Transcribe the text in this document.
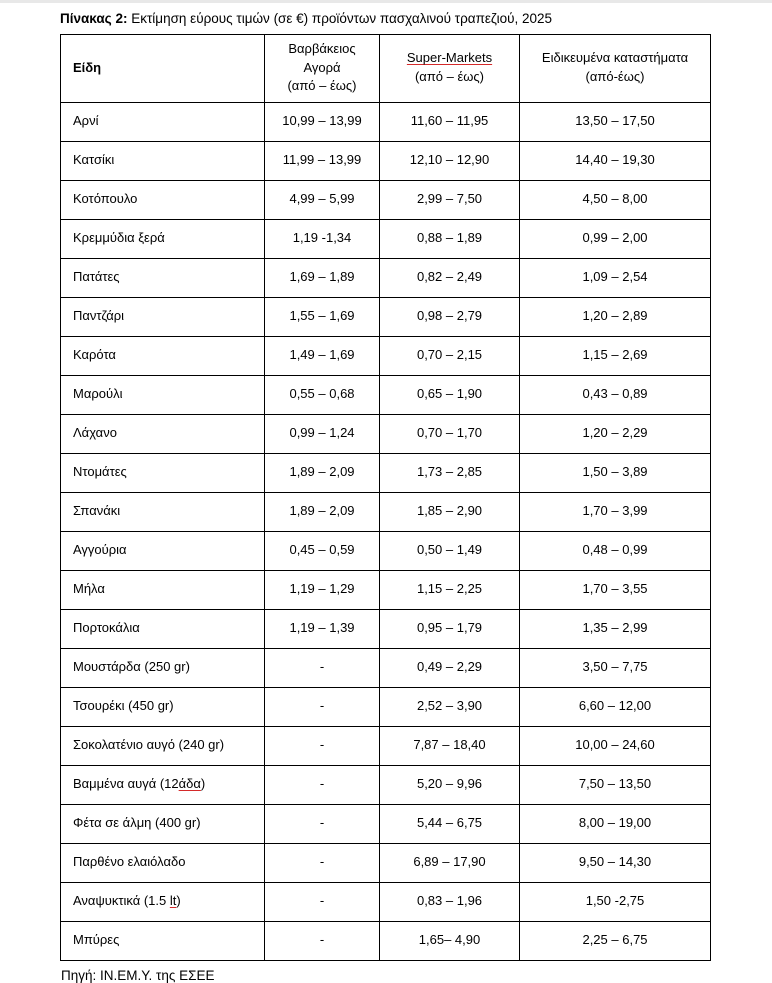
Πίνακας 2: Εκτίμηση εύρους τιμών (σε €) προϊόντων πασχαλινού τραπεζιού, 2025

Είδη	Βαρβάκειος
Αγορά
(από – έως)	Super-Markets
(από – έως)	Ειδικευμένα καταστήματα
(από-έως)

Αρνί	10,99 – 13,99	11,60 – 11,95	13,50 – 17,50
Κατσίκι	11,99 – 13,99	12,10 – 12,90	14,40 – 19,30
Κοτόπουλο	4,99 – 5,99	2,99 – 7,50	4,50 – 8,00
Κρεμμύδια ξερά	1,19 -1,34	0,88 – 1,89	0,99 – 2,00
Πατάτες	1,69 – 1,89	0,82 – 2,49	1,09 – 2,54
Παντζάρι	1,55 – 1,69	0,98 – 2,79	1,20 – 2,89
Καρότα	1,49 – 1,69	0,70 – 2,15	1,15 – 2,69
Μαρούλι	0,55 – 0,68	0,65 – 1,90	0,43 – 0,89
Λάχανο	0,99 – 1,24	0,70 – 1,70	1,20 – 2,29
Ντομάτες	1,89 – 2,09	1,73 – 2,85	1,50 – 3,89
Σπανάκι	1,89 – 2,09	1,85 – 2,90	1,70 – 3,99
Αγγούρια	0,45 – 0,59	0,50 – 1,49	0,48 – 0,99
Μήλα	1,19 – 1,29	1,15 – 2,25	1,70 – 3,55
Πορτοκάλια	1,19 – 1,39	0,95 – 1,79	1,35 – 2,99
Μουστάρδα (250 gr)	-	0,49 – 2,29	3,50 – 7,75
Τσουρέκι (450 gr)	-	2,52 – 3,90	6,60 – 12,00
Σοκολατένιο αυγό (240 gr)	-	7,87 – 18,40	10,00 – 24,60
Βαμμένα αυγά (12άδα)	-	5,20 – 9,96	7,50 – 13,50
Φέτα σε άλμη (400 gr)	-	5,44 – 6,75	8,00 – 19,00
Παρθένο ελαιόλαδο	-	6,89 – 17,90	9,50 – 14,30
Αναψυκτικά (1.5 lt)	-	0,83 – 1,96	1,50 -2,75
Μπύρες	-	1,65– 4,90	2,25 – 6,75

Πηγή: ΙΝ.ΕΜ.Υ. της ΕΣΕΕ
